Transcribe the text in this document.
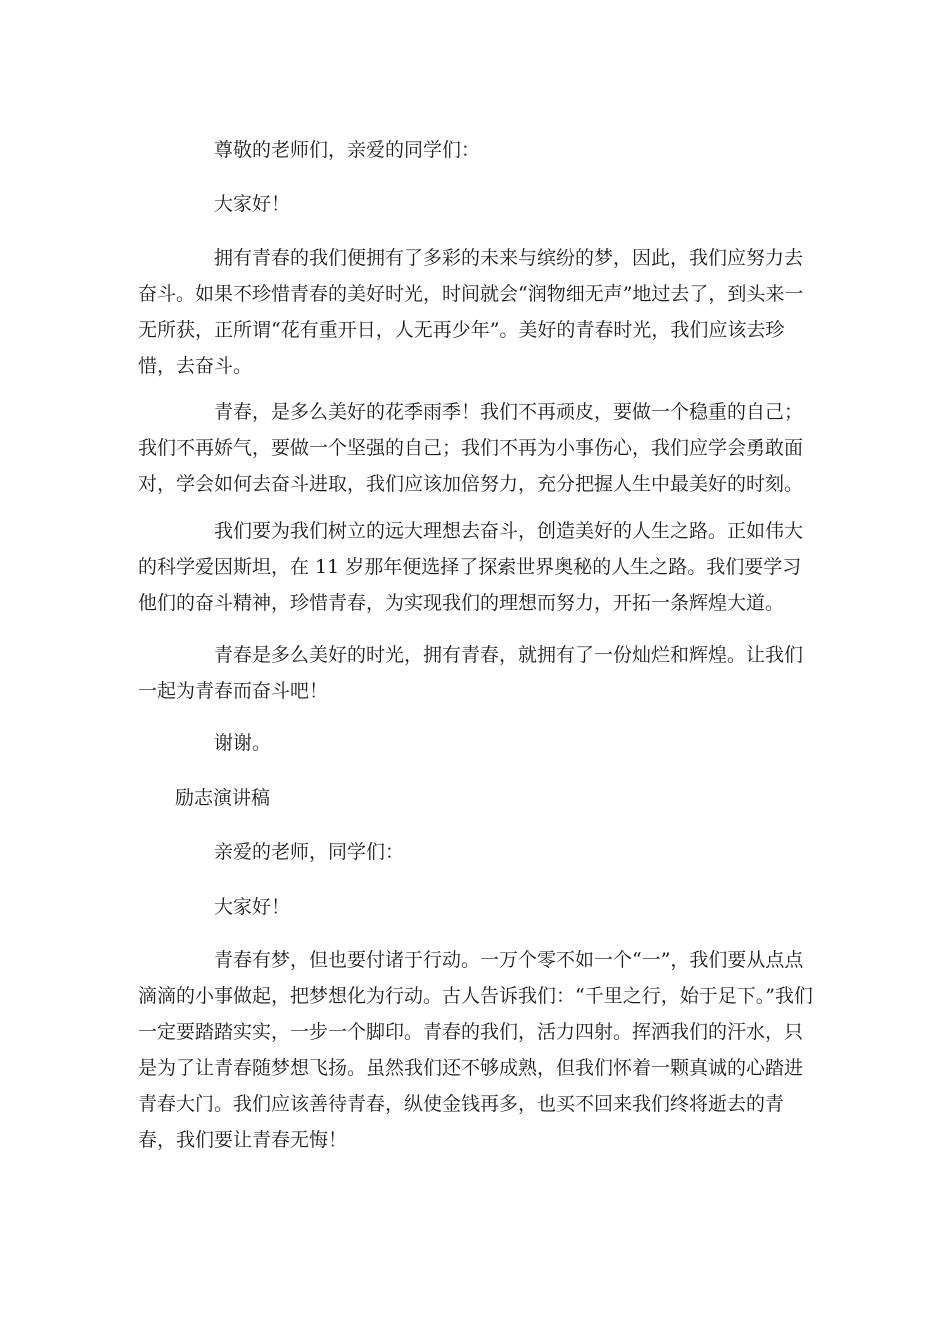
尊敬的老师们，亲爱的同学们：

大家好！

拥有青春的我们便拥有了多彩的未来与缤纷的梦，因此，我们应努力去奋斗。如果不珍惜青春的美好时光，时间就会“润物细无声”地过去了，到头来一无所获，正所谓“花有重开日，人无再少年”。美好的青春时光，我们应该去珍惜，去奋斗。

青春，是多么美好的花季雨季！我们不再顽皮，要做一个稳重的自己；我们不再娇气，要做一个坚强的自己；我们不再为小事伤心，我们应学会勇敢面对，学会如何去奋斗进取，我们应该加倍努力，充分把握人生中最美好的时刻。

我们要为我们树立的远大理想去奋斗，创造美好的人生之路。正如伟大的科学爱因斯坦，在 11 岁那年便选择了探索世界奥秘的人生之路。我们要学习他们的奋斗精神，珍惜青春，为实现我们的理想而努力，开拓一条辉煌大道。

青春是多么美好的时光，拥有青春，就拥有了一份灿烂和辉煌。让我们一起为青春而奋斗吧！

谢谢。

励志演讲稿

亲爱的老师，同学们：

大家好！

青春有梦，但也要付诸于行动。一万个零不如一个“一”，我们要从点点滴滴的小事做起，把梦想化为行动。古人告诉我们：“千里之行，始于足下。”我们一定要踏踏实实，一步一个脚印。青春的我们，活力四射。挥洒我们的汗水，只是为了让青春随梦想飞扬。虽然我们还不够成熟，但我们怀着一颗真诚的心踏进青春大门。我们应该善待青春，纵使金钱再多，也买不回来我们终将逝去的青春，我们要让青春无悔！
